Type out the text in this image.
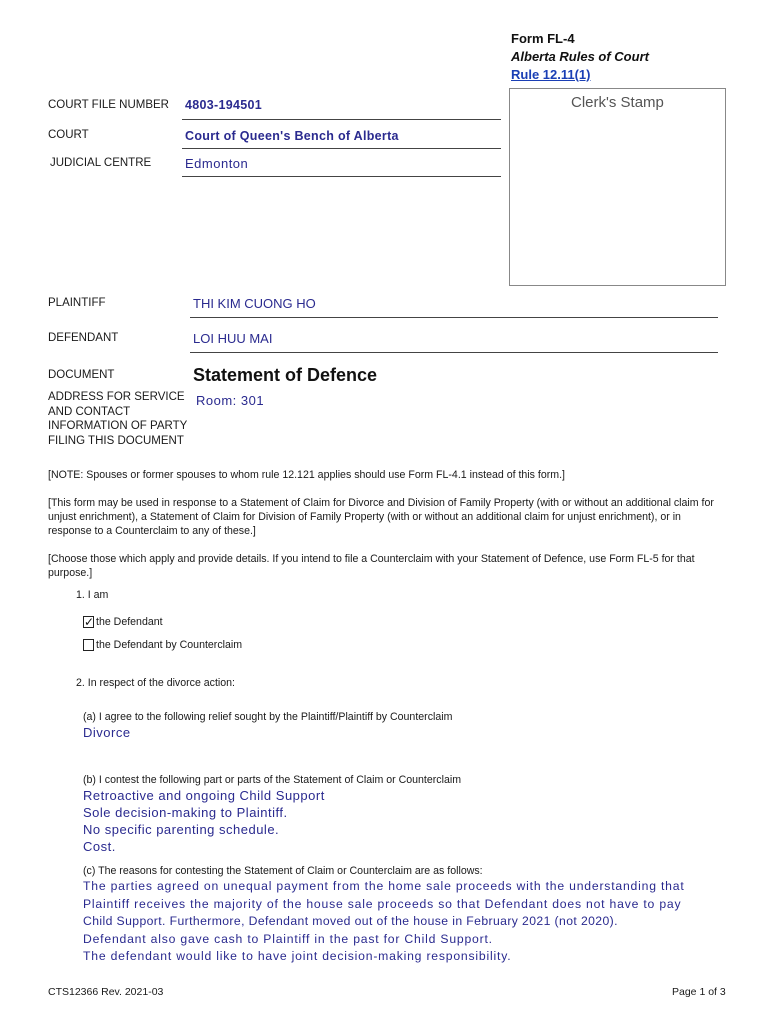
Form FL-4
Alberta Rules of Court
Rule 12.11(1)
Clerk's Stamp
COURT FILE NUMBER 4803-194501
COURT	Court of Queen's Bench of Alberta
JUDICIAL CENTRE	Edmonton
PLAINTIFF	THI KIM CUONG HO
DEFENDANT	LOI HUU MAI
DOCUMENT	Statement of Defence
ADDRESS FOR SERVICE
AND CONTACT
INFORMATION OF PARTY
FILING THIS DOCUMENT
Room: 301
[NOTE: Spouses or former spouses to whom rule 12.121 applies should use Form FL-4.1 instead of this form.]
[This form may be used in response to a Statement of Claim for Divorce and Division of Family Property (with or without an additional claim for unjust enrichment), a Statement of Claim for Division of Family Property (with or without an additional claim for unjust enrichment), or in response to a Counterclaim to any of these.]
[Choose those which apply and provide details. If you intend to file a Counterclaim with your Statement of Defence, use Form FL-5 for that purpose.]
1. I am
✓ the Defendant
the Defendant by Counterclaim
2. In respect of the divorce action:
(a) I agree to the following relief sought by the Plaintiff/Plaintiff by Counterclaim
Divorce
(b) I contest the following part or parts of the Statement of Claim or Counterclaim
Retroactive and ongoing Child Support
Sole decision-making to Plaintiff.
No specific parenting schedule.
Cost.
(c) The reasons for contesting the Statement of Claim or Counterclaim are as follows:
The parties agreed on unequal payment from the home sale proceeds with the understanding that
Plaintiff receives the majority of the house sale proceeds so that Defendant does not have to pay
Child Support. Furthermore, Defendant moved out of the house in February 2021 (not 2020).
Defendant also gave cash to Plaintiff in the past for Child Support.
The defendant would like to have joint decision-making responsibility.
CTS12366 Rev. 2021-03	Page 1 of 3
